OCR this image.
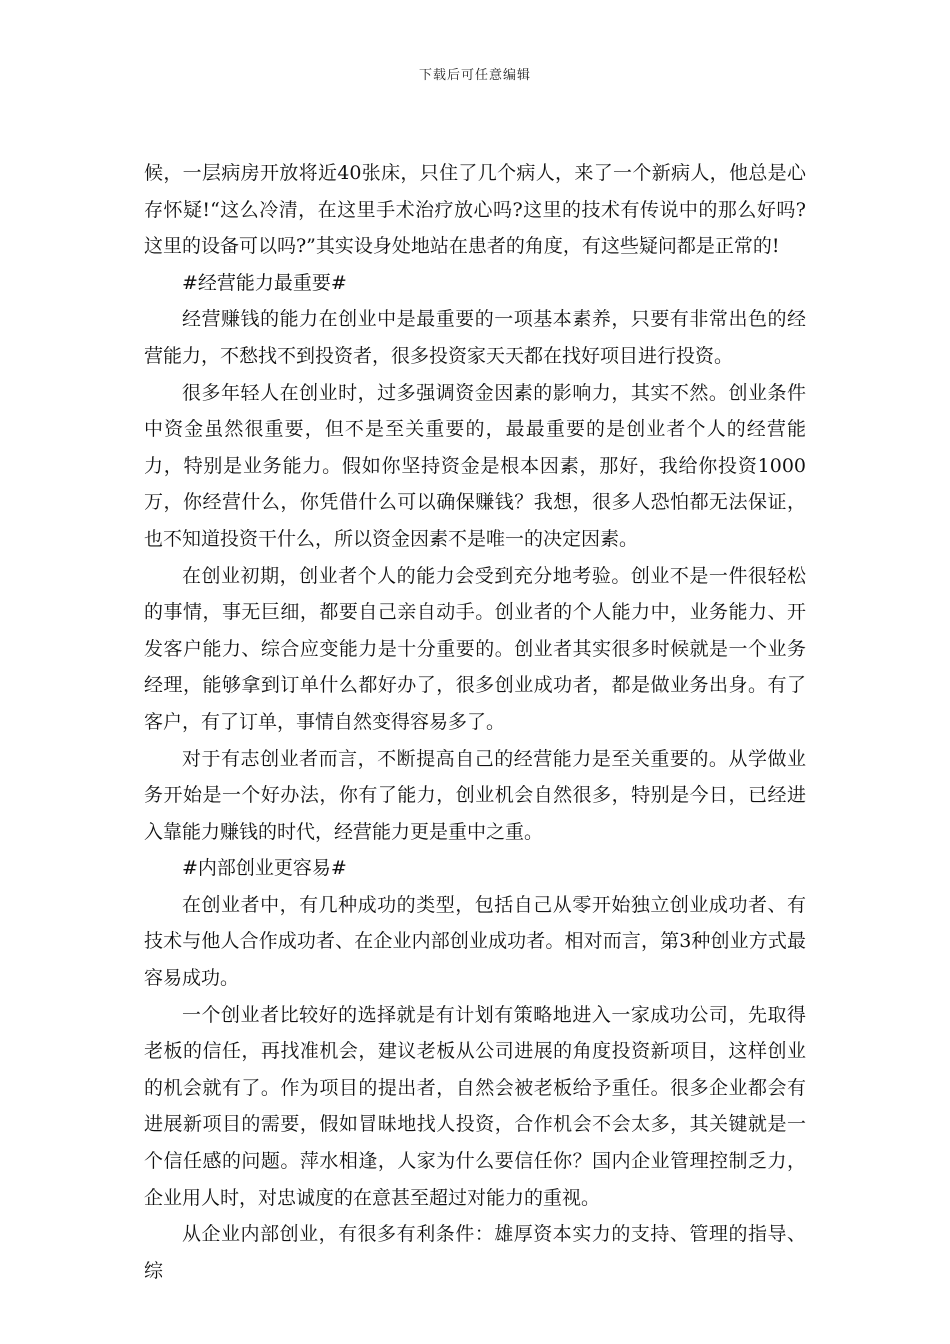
下载后可任意编辑

候，一层病房开放将近40张床，只住了几个病人，来了一个新病人，他总是心存怀疑!“这么冷清，在这里手术治疗放心吗?这里的技术有传说中的那么好吗?这里的设备可以吗?”其实设身处地站在患者的角度，有这些疑问都是正常的!

#经营能力最重要#

经营赚钱的能力在创业中是最重要的一项基本素养，只要有非常出色的经营能力，不愁找不到投资者，很多投资家天天都在找好项目进行投资。

很多年轻人在创业时，过多强调资金因素的影响力，其实不然。创业条件中资金虽然很重要，但不是至关重要的，最最重要的是创业者个人的经营能力，特别是业务能力。假如你坚持资金是根本因素，那好，我给你投资1000万，你经营什么，你凭借什么可以确保赚钱？我想，很多人恐怕都无法保证，也不知道投资干什么，所以资金因素不是唯一的决定因素。

在创业初期，创业者个人的能力会受到充分地考验。创业不是一件很轻松的事情，事无巨细，都要自己亲自动手。创业者的个人能力中，业务能力、开发客户能力、综合应变能力是十分重要的。创业者其实很多时候就是一个业务经理，能够拿到订单什么都好办了，很多创业成功者，都是做业务出身。有了客户，有了订单，事情自然变得容易多了。

对于有志创业者而言，不断提高自己的经营能力是至关重要的。从学做业务开始是一个好办法，你有了能力，创业机会自然很多，特别是今日，已经进入靠能力赚钱的时代，经营能力更是重中之重。

#内部创业更容易#

在创业者中，有几种成功的类型，包括自己从零开始独立创业成功者、有技术与他人合作成功者、在企业内部创业成功者。相对而言，第3种创业方式最容易成功。

一个创业者比较好的选择就是有计划有策略地进入一家成功公司，先取得老板的信任，再找准机会，建议老板从公司进展的角度投资新项目，这样创业的机会就有了。作为项目的提出者，自然会被老板给予重任。很多企业都会有进展新项目的需要，假如冒昧地找人投资，合作机会不会太多，其关键就是一个信任感的问题。萍水相逢，人家为什么要信任你？国内企业管理控制乏力，企业用人时，对忠诚度的在意甚至超过对能力的重视。

从企业内部创业，有很多有利条件：雄厚资本实力的支持、管理的指导、综
